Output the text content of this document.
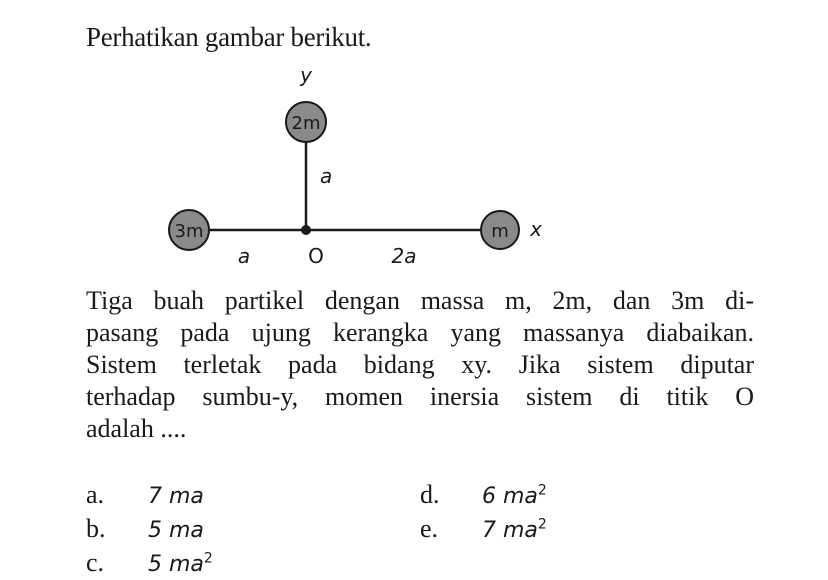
Perhatikan gambar berikut.
2m
3m	m
y
x
a
a	O	2a
Tiga buah partikel dengan massa m, 2m, dan 3m di-
pasang pada ujung kerangka yang massanya diabaikan.
Sistem terletak pada bidang xy. Jika sistem diputar
terhadap sumbu-y, momen inersia sistem di titik O
adalah ....
a. 7 ma
b. 5 ma
c. 5 $ma^2$
d. 6 $ma^2$
e. 7 $ma^2$
